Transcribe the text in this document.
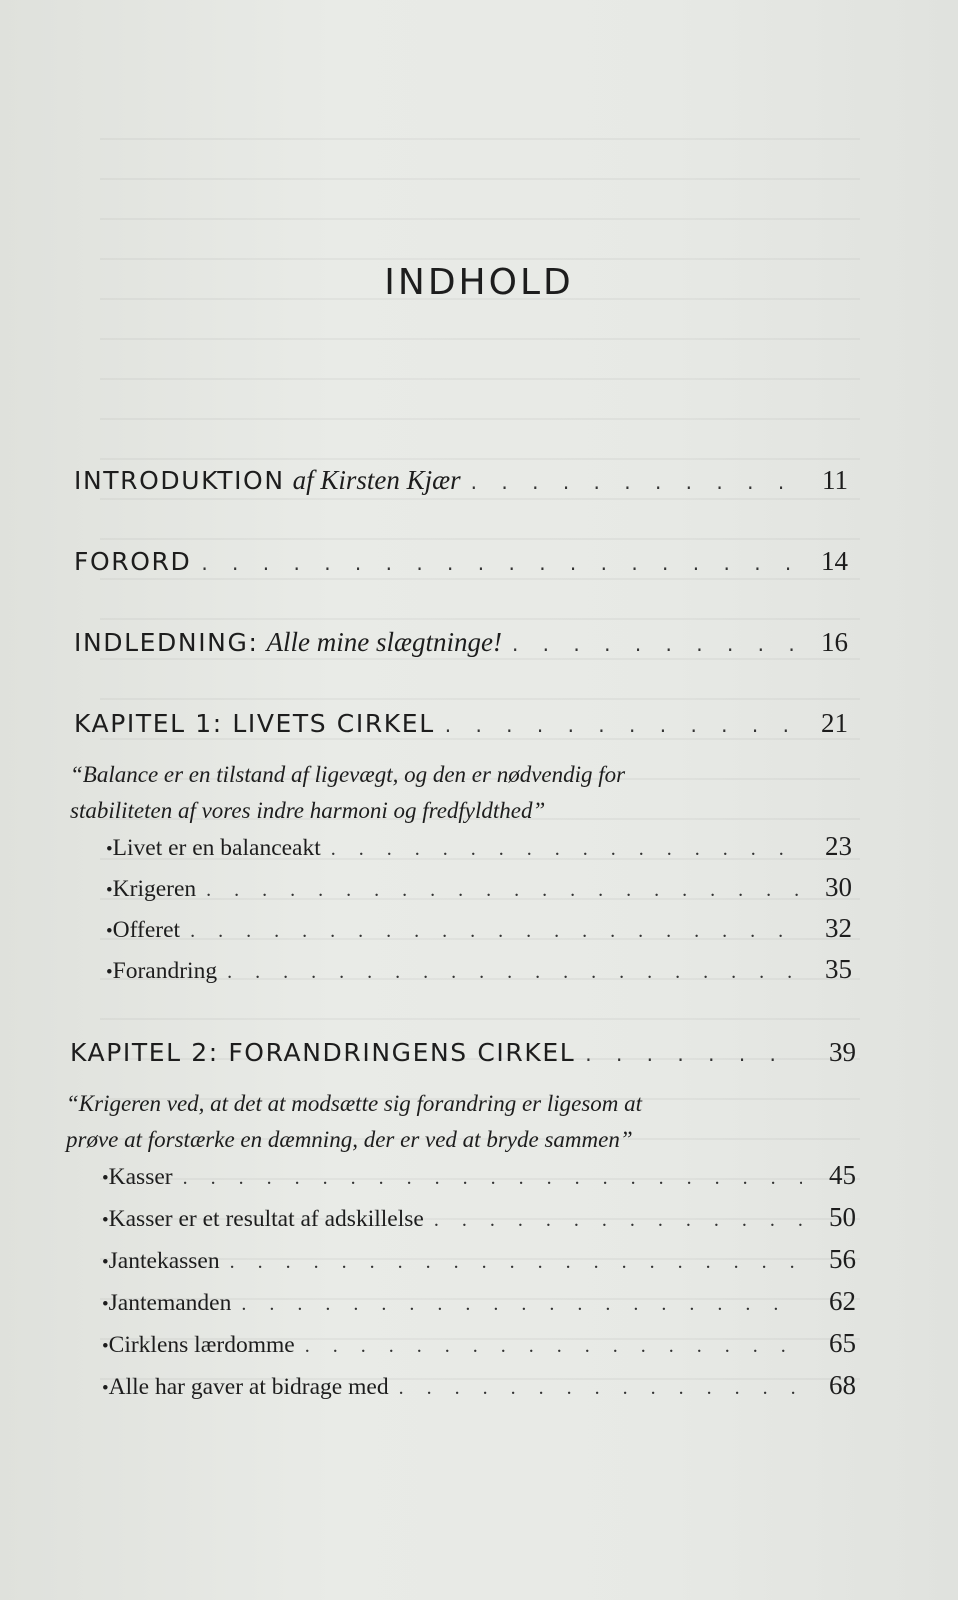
INDHOLD
INTRODUKTION af Kirsten Kjær . . .	11
FORORD . . .	14
INDLEDNING: Alle mine slægtninge! . . .	16
KAPITEL 1: LIVETS CIRKEL . . .	21
“Balance er en tilstand af ligevægt, og den er nødvendig for
stabiliteten af vores indre harmoni og fredfyldthed”
• Livet er en balanceakt . . .	23
• Krigeren . . .	30
• Offeret . . .	32
• Forandring . . .	35
KAPITEL 2: FORANDRINGENS CIRKEL . . .	39
“Krigeren ved, at det at modsætte sig forandring er ligesom at
prøve at forstærke en dæmning, der er ved at bryde sammen”
• Kasser . . .	45
• Kasser er et resultat af adskillelse . . .	50
• Jantekassen . . .	56
• Jantemanden . . .	62
• Cirklens lærdomme . . .	65
• Alle har gaver at bidrage med . . .	68
